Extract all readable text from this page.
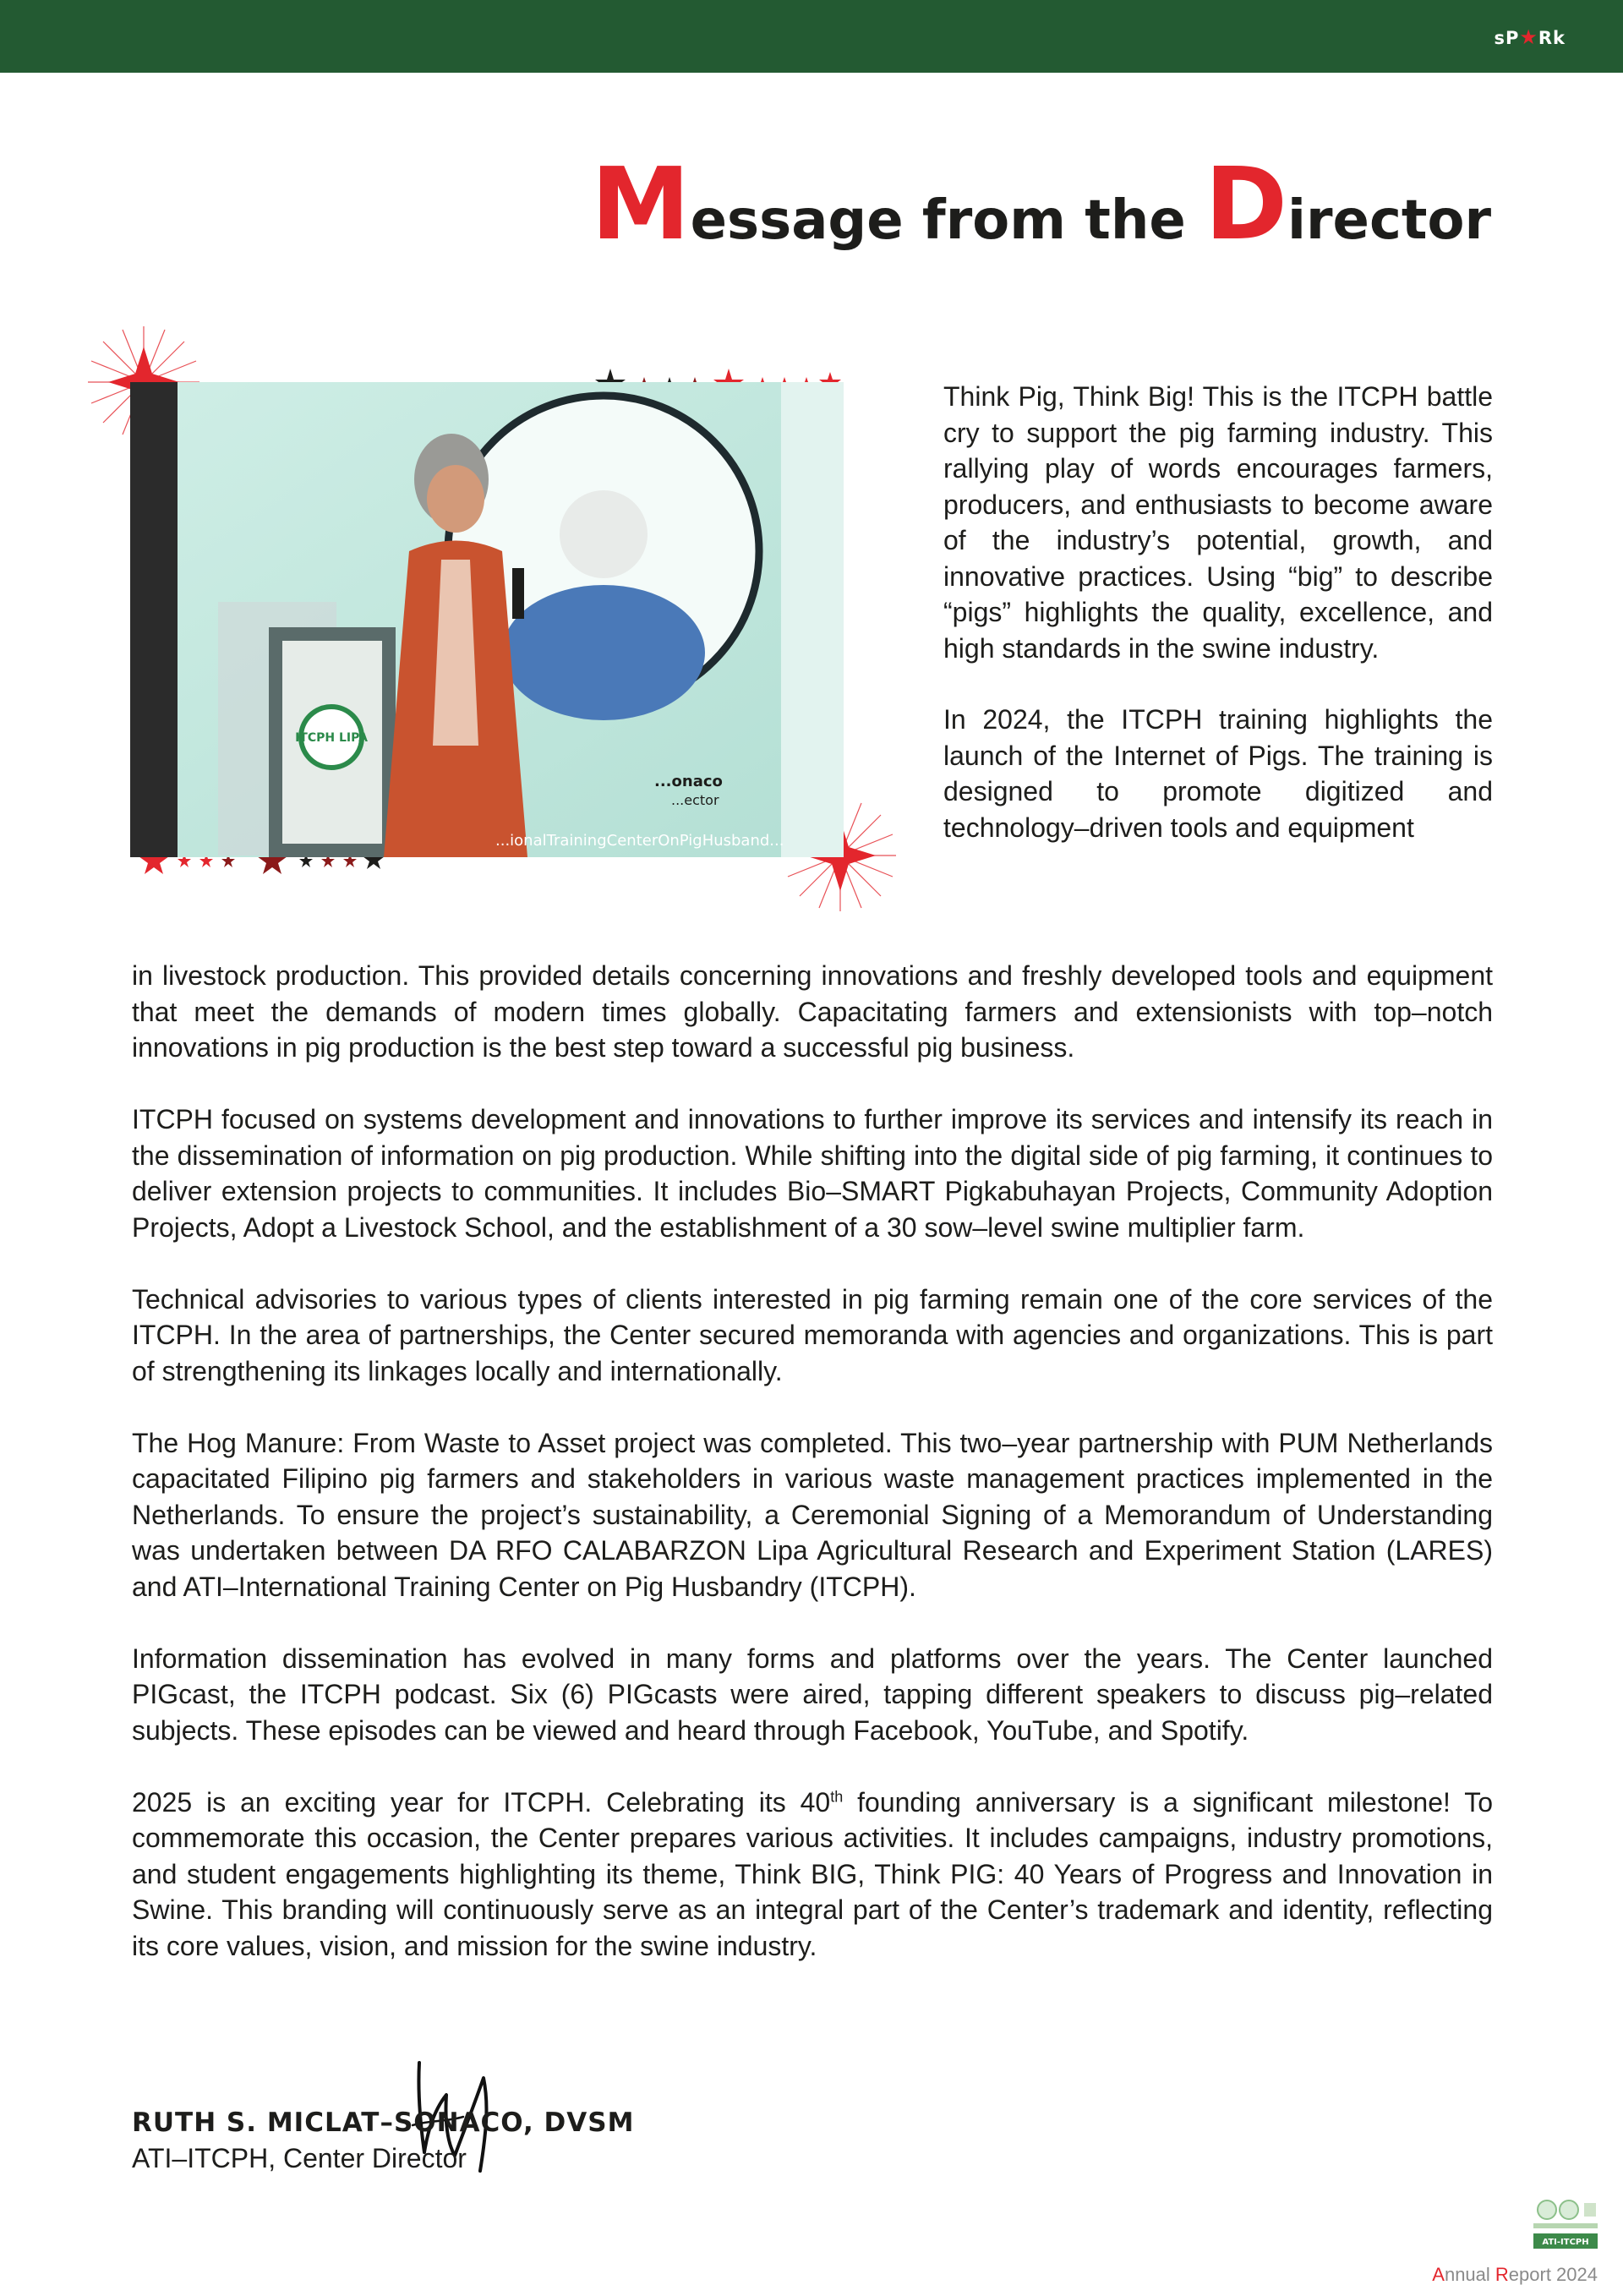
sP★Rk
Message from the Director
ITCPH LIPA
...onaco
...ector
...ionalTrainingCenterOnPigHusband...

Think Pig, Think Big! This is the ITCPH battle cry to support the pig farming industry. This rallying play of words encourages farmers, producers, and enthusiasts to become aware of the industry’s potential, growth, and innovative practices. Using “big” to describe “pigs” highlights the quality, excellence, and high standards in the swine industry.

In 2024, the ITCPH training highlights the launch of the Internet of Pigs. The training is designed to promote digitized and technology–driven tools and equipment

in livestock production. This provided details concerning innovations and freshly developed tools and equipment that meet the demands of modern times globally. Capacitating farmers and extensionists with top–notch innovations in pig production is the best step toward a successful pig business.

ITCPH focused on systems development and innovations to further improve its services and intensify its reach in the dissemination of information on pig production. While shifting into the digital side of pig farming, it continues to deliver extension projects to communities. It includes Bio–SMART Pigkabuhayan Projects, Community Adoption Projects, Adopt a Livestock School, and the establishment of a 30 sow–level swine multiplier farm.

Technical advisories to various types of clients interested in pig farming remain one of the core services of the ITCPH. In the area of partnerships, the Center secured memoranda with agencies and organizations. This is part of strengthening its linkages locally and internationally.

The Hog Manure: From Waste to Asset project was completed. This two–year partnership with PUM Netherlands capacitated Filipino pig farmers and stakeholders in various waste management practices implemented in the Netherlands. To ensure the project’s sustainability, a Ceremonial Signing of a Memorandum of Understanding was undertaken between DA RFO CALABARZON Lipa Agricultural Research and Experiment Station (LARES) and ATI–International Training Center on Pig Husbandry (ITCPH).

Information dissemination has evolved in many forms and platforms over the years. The Center launched PIGcast, the ITCPH podcast. Six (6) PIGcasts were aired, tapping different speakers to discuss pig–related subjects. These episodes can be viewed and heard through Facebook, YouTube, and Spotify.

2025 is an exciting year for ITCPH. Celebrating its 40th founding anniversary is a significant milestone! To commemorate this occasion, the Center prepares various activities. It includes campaigns, industry promotions, and student engagements highlighting its theme, Think BIG, Think PIG: 40 Years of Progress and Innovation in Swine. This branding will continuously serve as an integral part of the Center’s trademark and identity, reflecting its core values, vision, and mission for the swine industry.

RUTH S. MICLAT–SONACO, DVSM
ATI–ITCPH, Center Director
ATI-ITCPH
Annual Report 2024
